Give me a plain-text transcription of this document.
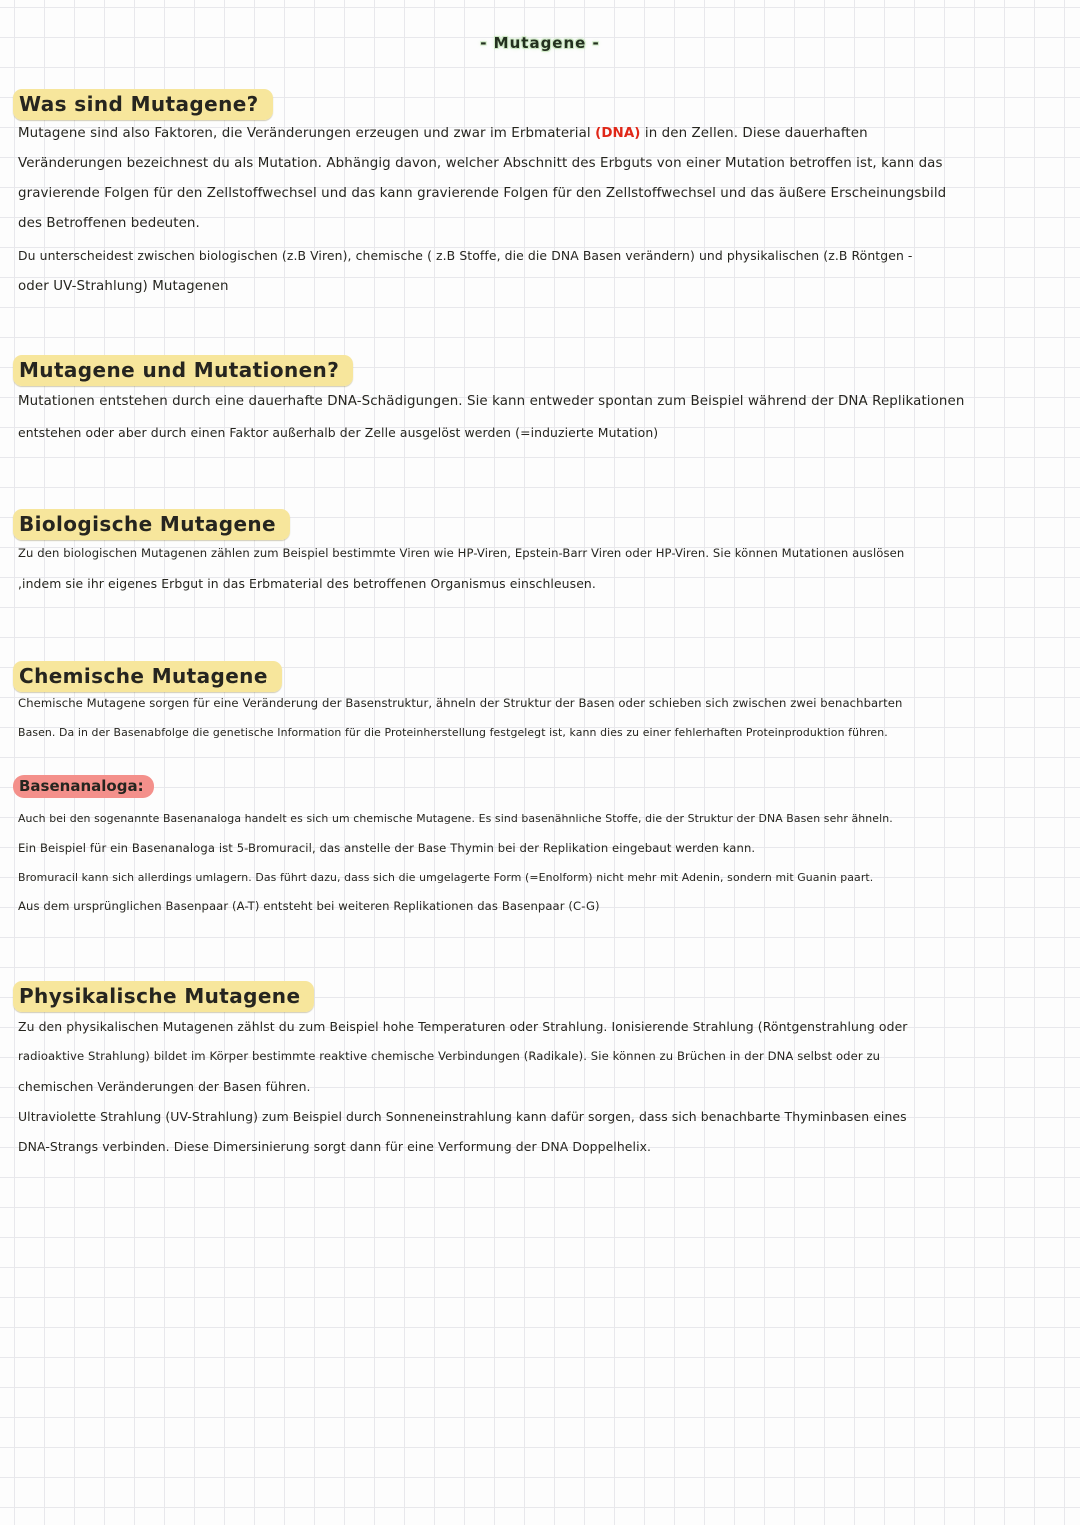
- Mutagene -
Was sind Mutagene?

Mutagene sind also Faktoren, die Veränderungen erzeugen und zwar im Erbmaterial (DNA) in den Zellen. Diese dauerhaften

Veränderungen bezeichnest du als Mutation. Abhängig davon, welcher Abschnitt des Erbguts von einer Mutation betroffen ist, kann das

gravierende Folgen für den Zellstoffwechsel und das kann gravierende Folgen für den Zellstoffwechsel und das äußere Erscheinungsbild

des Betroffenen bedeuten.

Du unterscheidest zwischen biologischen (z.B Viren), chemische ( z.B Stoffe, die die DNA Basen verändern) und physikalischen (z.B Röntgen -

oder UV-Strahlung) Mutagenen

Mutagene und Mutationen?

Mutationen entstehen durch eine dauerhafte DNA-Schädigungen. Sie kann entweder spontan zum Beispiel während der DNA Replikationen

entstehen oder aber durch einen Faktor außerhalb der Zelle ausgelöst werden (=induzierte Mutation)

Biologische Mutagene

Zu den biologischen Mutagenen zählen zum Beispiel bestimmte Viren wie HP-Viren, Epstein-Barr Viren oder HP-Viren. Sie können Mutationen auslösen

,indem sie ihr eigenes Erbgut in das Erbmaterial des betroffenen Organismus einschleusen.

Chemische Mutagene

Chemische Mutagene sorgen für eine Veränderung der Basenstruktur, ähneln der Struktur der Basen oder schieben sich zwischen zwei benachbarten

Basen. Da in der Basenabfolge die genetische Information für die Proteinherstellung festgelegt ist, kann dies zu einer fehlerhaften Proteinproduktion führen.

Basenanaloga:

Auch bei den sogenannte Basenanaloga handelt es sich um chemische Mutagene. Es sind basenähnliche Stoffe, die der Struktur der DNA Basen sehr ähneln.

Ein Beispiel für ein Basenanaloga ist 5-Bromuracil, das anstelle der Base Thymin bei der Replikation eingebaut werden kann.

Bromuracil kann sich allerdings umlagern. Das führt dazu, dass sich die umgelagerte Form (=Enolform) nicht mehr mit Adenin, sondern mit Guanin paart.

Aus dem ursprünglichen Basenpaar (A-T) entsteht bei weiteren Replikationen das Basenpaar (C-G)

Physikalische Mutagene

Zu den physikalischen Mutagenen zählst du zum Beispiel hohe Temperaturen oder Strahlung. Ionisierende Strahlung (Röntgenstrahlung oder

radioaktive Strahlung) bildet im Körper bestimmte reaktive chemische Verbindungen (Radikale). Sie können zu Brüchen in der DNA selbst oder zu

chemischen Veränderungen der Basen führen.

Ultraviolette Strahlung (UV-Strahlung) zum Beispiel durch Sonneneinstrahlung kann dafür sorgen, dass sich benachbarte Thyminbasen eines

DNA-Strangs verbinden. Diese Dimersinierung sorgt dann für eine Verformung der DNA Doppelhelix.
